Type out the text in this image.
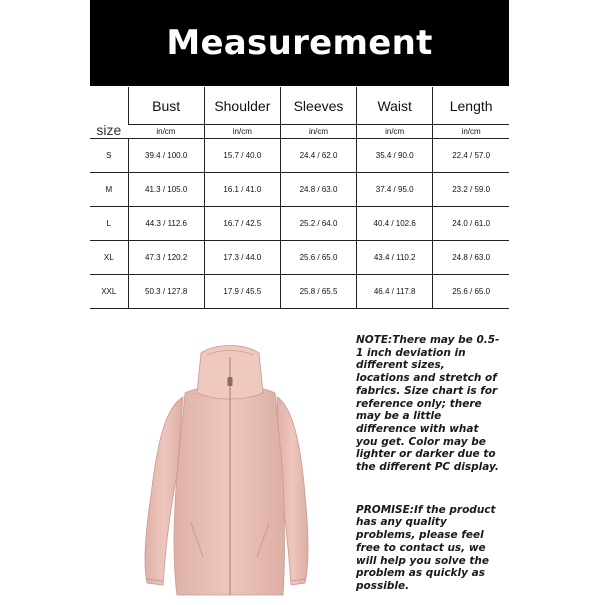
Measurement
size	Bust	Shoulder	Sleeves	Waist	Length
	in/cm	in/cm	in/cm	in/cm	in/cm
S	39.4 / 100.0	15.7 / 40.0	24.4 / 62.0	35.4 / 90.0	22.4 / 57.0
M	41.3 / 105.0	16.1 / 41.0	24.8 / 63.0	37.4 / 95.0	23.2 / 59.0
L	44.3 / 112.6	16.7 / 42.5	25.2 / 64.0	40.4 / 102.6	24.0 / 61.0
XL	47.3 / 120.2	17.3 / 44.0	25.6 / 65.0	43.4 / 110.2	24.8 / 63.0
XXL	50.3 / 127.8	17.9 / 45.5	25.8 / 65.5	46.4 / 117.8	25.6 / 65.0

NOTE:There may be 0.5-1 inch deviation in different sizes, locations and stretch of fabrics. Size chart is for reference only; there may be a little difference with what you get. Color may be lighter or darker due to the different PC display.

PROMISE:If the product has any quality problems, please feel free to contact us, we will help you solve the problem as quickly as possible.
